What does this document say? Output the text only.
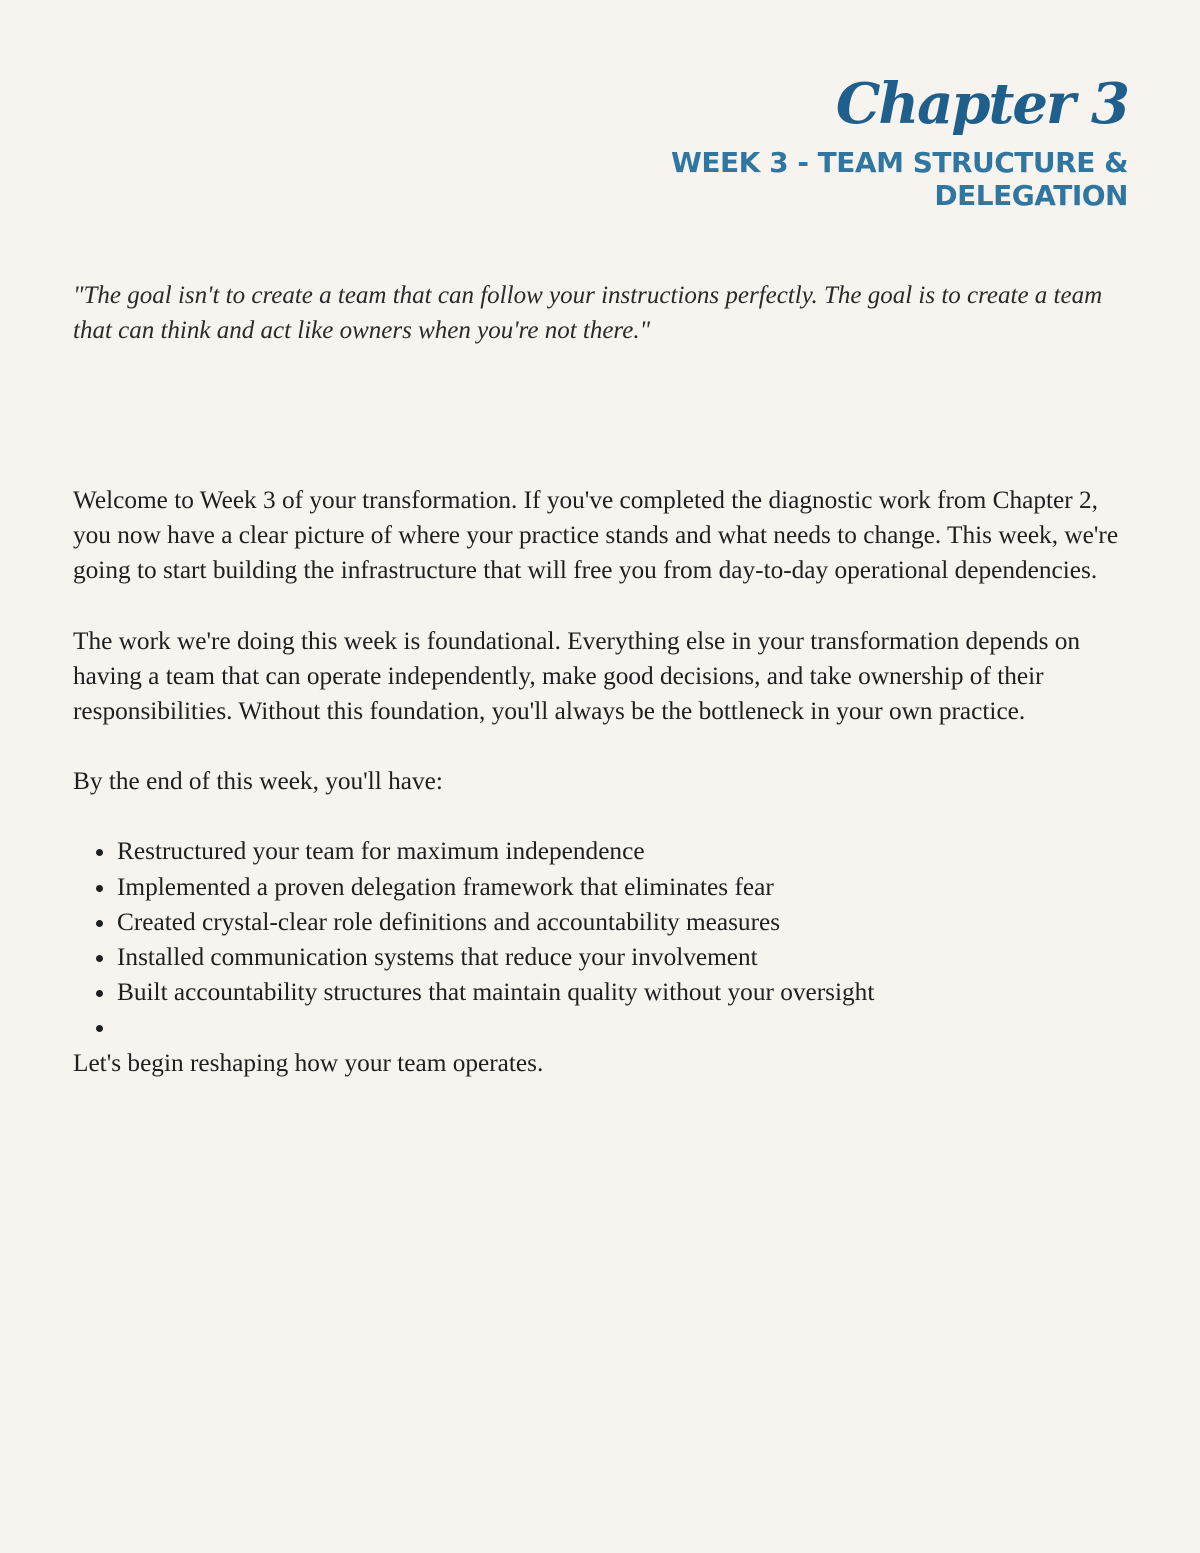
Chapter 3
WEEK 3 - TEAM STRUCTURE & DELEGATION

"The goal isn't to create a team that can follow your instructions perfectly. The goal is to create a team that can think and act like owners when you're not there."

Welcome to Week 3 of your transformation. If you've completed the diagnostic work from Chapter 2, you now have a clear picture of where your practice stands and what needs to change. This week, we're going to start building the infrastructure that will free you from day-to-day operational dependencies.

The work we're doing this week is foundational. Everything else in your transformation depends on having a team that can operate independently, make good decisions, and take ownership of their responsibilities. Without this foundation, you'll always be the bottleneck in your own practice.

By the end of this week, you'll have:

• Restructured your team for maximum independence
• Implemented a proven delegation framework that eliminates fear
• Created crystal-clear role definitions and accountability measures
• Installed communication systems that reduce your involvement
• Built accountability structures that maintain quality without your oversight
•

Let's begin reshaping how your team operates.
